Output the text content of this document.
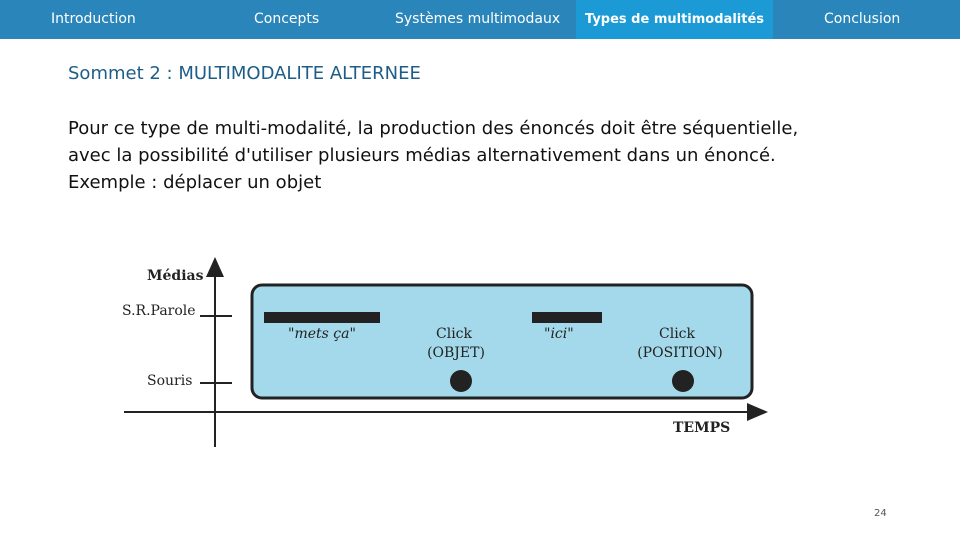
Introduction	Concepts	Systèmes multimodaux	Types de multimodalités	Conclusion
Sommet 2 : MULTIMODALITE ALTERNEE
Pour ce type de multi-modalité, la production des énoncés doit être séquentielle,
avec la possibilité d'utiliser plusieurs médias alternativement dans un énoncé.
Exemple : déplacer un objet
Médias
TEMPS
S.R.Parole
Souris
"mets ça"	"ici"
Click
(OBJET)
Click
(POSITION)
24
